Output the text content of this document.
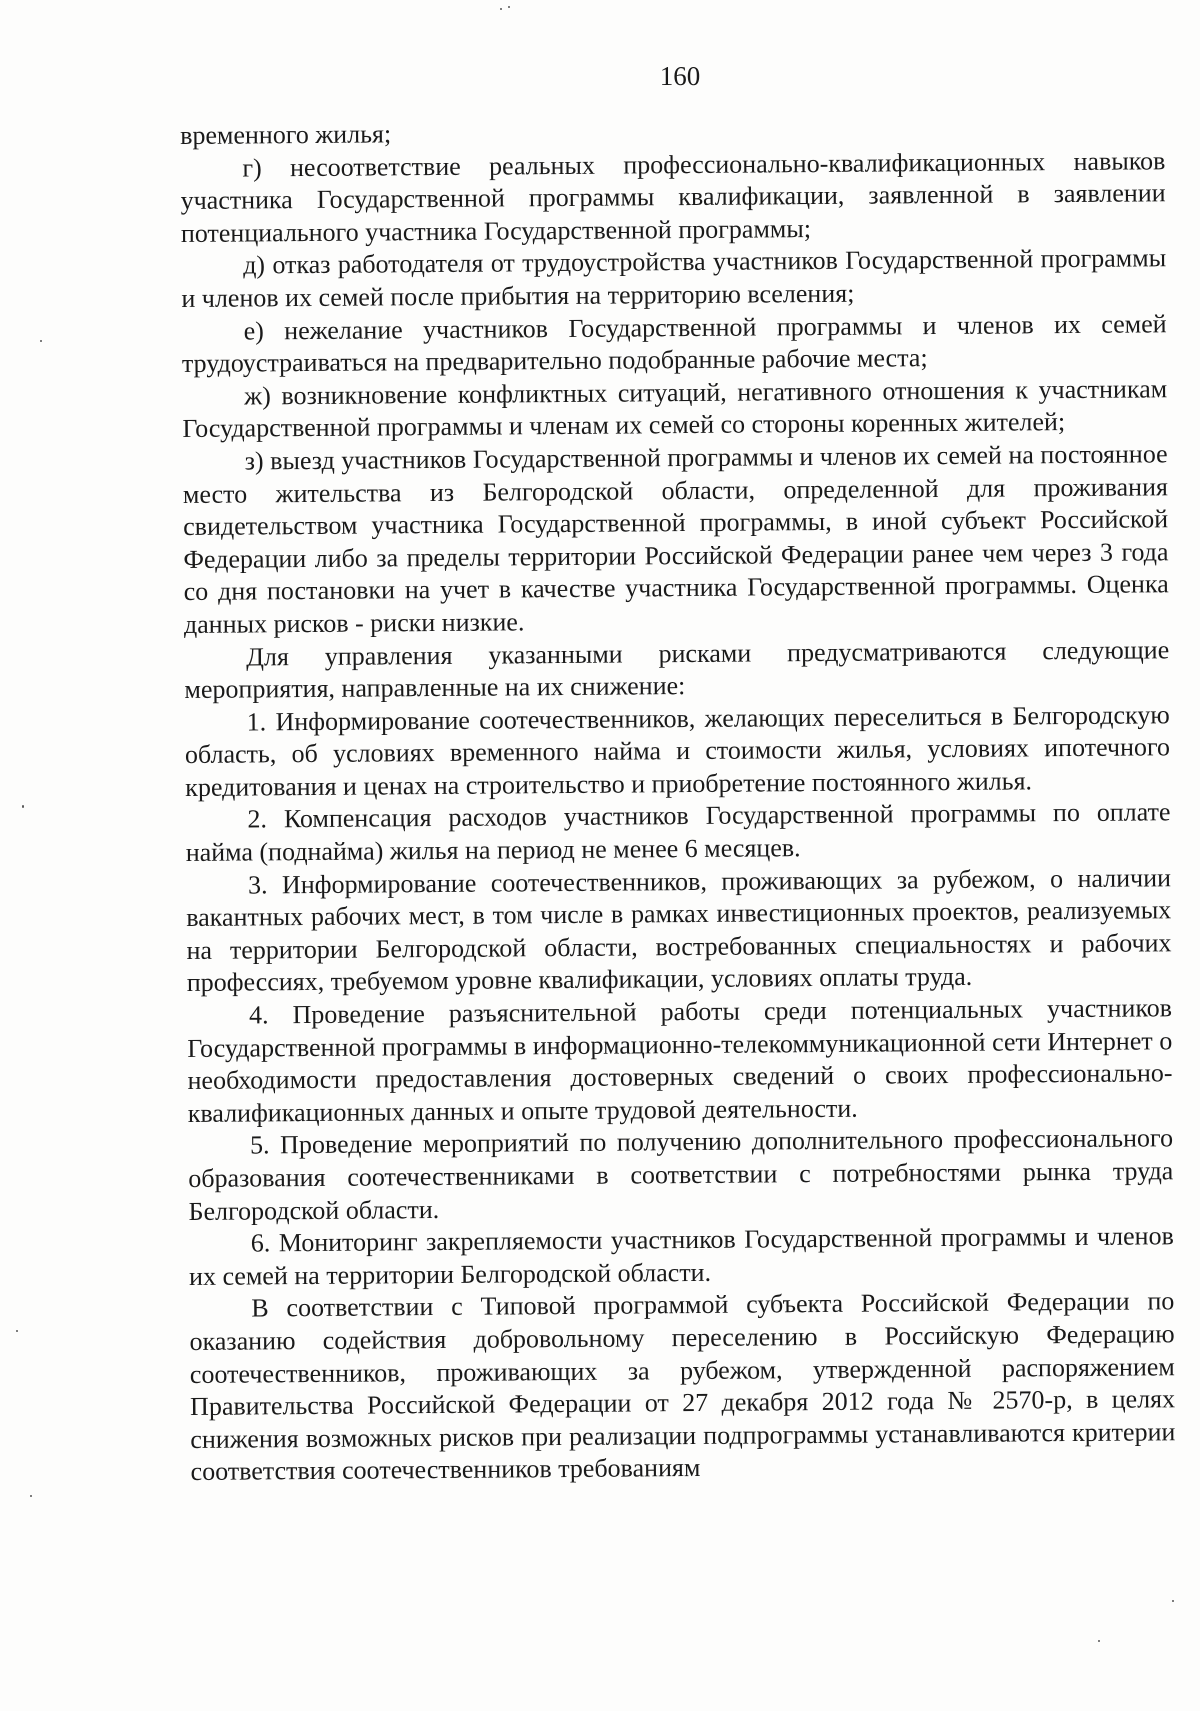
160

временного жилья;

г) несоответствие реальных профессионально-квалификационных навыков участника Государственной программы квалификации, заявленной в заявлении потенциального участника Государственной программы;

д) отказ работодателя от трудоустройства участников Государственной программы и членов их семей после прибытия на территорию вселения;

е) нежелание участников Государственной программы и членов их семей трудоустраиваться на предварительно подобранные рабочие места;

ж) возникновение конфликтных ситуаций, негативного отношения к участникам Государственной программы и членам их семей со стороны коренных жителей;

з) выезд участников Государственной программы и членов их семей на постоянное место жительства из Белгородской области, определенной для проживания свидетельством участника Государственной программы, в иной субъект Российской Федерации либо за пределы территории Российской Федерации ранее чем через 3 года со дня постановки на учет в качестве участника Государственной программы. Оценка данных рисков - риски низкие.

Для управления указанными рисками предусматриваются следующие мероприятия, направленные на их снижение:

1. Информирование соотечественников, желающих переселиться в Белгородскую область, об условиях временного найма и стоимости жилья, условиях ипотечного кредитования и ценах на строительство и приобретение постоянного жилья.

2. Компенсация расходов участников Государственной программы по оплате найма (поднайма) жилья на период не менее 6 месяцев.

3. Информирование соотечественников, проживающих за рубежом, о наличии вакантных рабочих мест, в том числе в рамках инвестиционных проектов, реализуемых на территории Белгородской области, востребованных специальностях и рабочих профессиях, требуемом уровне квалификации, условиях оплаты труда.

4. Проведение разъяснительной работы среди потенциальных участников Государственной программы в информационно-телекоммуникационной сети Интернет о необходимости предоставления достоверных сведений о своих профессионально-квалификационных данных и опыте трудовой деятельности.

5. Проведение мероприятий по получению дополнительного профессионального образования соотечественниками в соответствии с потребностями рынка труда Белгородской области.

6. Мониторинг закрепляемости участников Государственной программы и членов их семей на территории Белгородской области.

В соответствии с Типовой программой субъекта Российской Федерации по оказанию содействия добровольному переселению в Российскую Федерацию соотечественников, проживающих за рубежом, утвержденной распоряжением Правительства Российской Федерации от 27 декабря 2012 года № 2570-р, в целях снижения возможных рисков при реализации подпрограммы устанавливаются критерии соответствия соотечественников требованиям
